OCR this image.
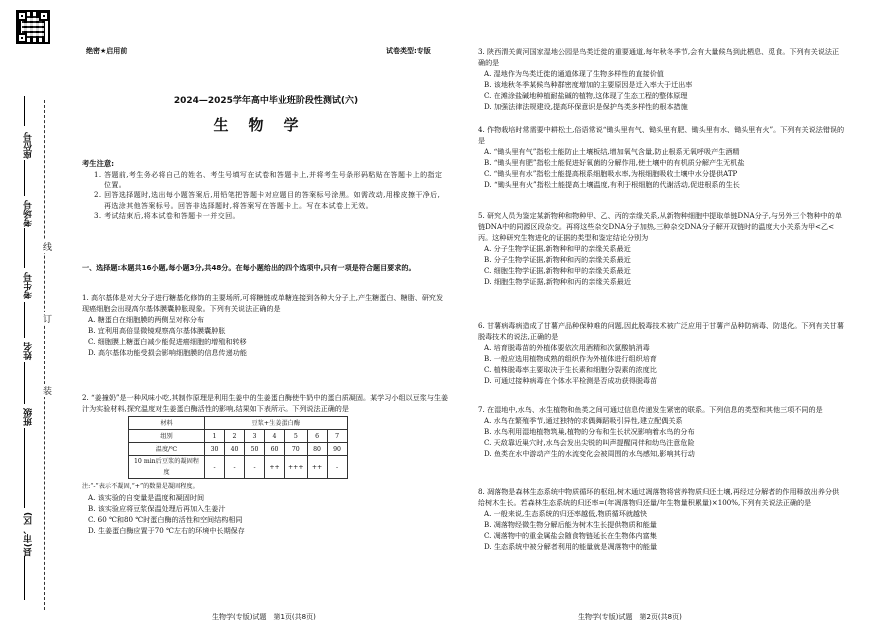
座位号
考场号
考生号
姓名
班级
县(市、区)
线
订
装
绝密★启用前	试卷类型:专版
2024—2025学年高中毕业班阶段性测试(六)
生物学
考生注意:

1. 答题前,考生务必将自己的姓名、考生号填写在试卷和答题卡上,并将考生号条形码粘贴在答题卡上的指定位置。

2. 回答选择题时,选出每小题答案后,用铅笔把答题卡对应题目的答案标号涂黑。如需改动,用橡皮擦干净后,再选涂其他答案标号。回答非选择题时,将答案写在答题卡上。写在本试卷上无效。

3. 考试结束后,将本试卷和答题卡一并交回。

一、选择题:本题共16小题,每小题3分,共48分。在每小题给出的四个选项中,只有一项是符合题目要求的。

1. 高尔基体是对大分子进行糖基化修饰的主要场所,可将糖链或单糖连接到各种大分子上,产生糖蛋白、糖脂、研究发现癌细胞会出现高尔基体膜囊肿胀现象。下列有关说法正确的是

A. 糖蛋白在细胞膜的两侧呈对称分布

B. 宜利用高倍显微镜观察高尔基体膜囊肿胀

C. 细胞膜上糖蛋白减少能促进癌细胞的增殖和转移

D. 高尔基体功能受损会影响细胞膜的信息传递功能

2. “姜撞奶”是一种风味小吃,其制作原理是利用生姜中的生姜蛋白酶使牛奶中的蛋白质凝固。某学习小组以豆浆与生姜汁为实验材料,探究温度对生姜蛋白酶活性的影响,结果如下表所示。下列说法正确的是

材料	豆浆+生姜蛋白酶						
组别	1	2	3	4	5	6	7
温度/℃	30	40	50	60	70	80	90
10 min后豆浆的凝固程度	-	-	-	++	+++	++	-

注:“-”表示不凝固,“+”的数量是凝固程度。

A. 该实验的自变量是温度和凝固时间

B. 该实验应将豆浆保温处理后再加入生姜汁

C. 60 ℃和80 ℃时蛋白酶的活性和空间结构相同

D. 生姜蛋白酶应置于70 ℃左右的环境中长期保存

生物学(专版)试题　第1页(共8页)

3. 陕西渭关黄河国家湿地公园是鸟类迁徙的重要通道,每年秋冬季节,会有大量候鸟到此栖息、觅食。下列有关说法正确的是

A. 湿地作为鸟类迁徙的通道体现了生物多样性的直接价值

B. 该地秋冬季某候鸟种群密度增加的主要原因是迁入率大于迁出率

C. 在滩涂盐碱地种植耐盐碱的植物,这体现了生态工程的整体原理

D. 加强法律法规建设,提高环保意识是保护鸟类多样性的根本措施

4. 作物栽培时常需要中耕松土,俗语常说“锄头里有气、锄头里有肥、锄头里有水、锄头里有火”。下列有关说法错误的是

A. “锄头里有气”指松土能防止土壤板结,增加氧气含量,防止根系无氧呼吸产生酒精

B. “锄头里有肥”指松土能促进好氧菌的分解作用,使土壤中的有机质分解产生无机盐

C. “锄头里有水”指松土能提高根系细胞吸水率,为根细胞吸收土壤中水分提供ATP

D. “锄头里有火”指松土能提高土壤温度,有利于根细胞的代谢活动,促进根系的生长

5. 研究人员为鉴定某新物种和物种甲、乙、丙的亲缘关系,从新物种细胞中提取单链DNA分子,与另外三个物种中的单链DNA中的同源区段杂交。再将这些杂交DNA分子加热,三种杂交DNA分子解开双链时的温度大小关系为甲<乙<丙。这种研究生物进化的证据的类型和鉴定结论分别为

A. 分子生物学证据,新物种和甲的亲缘关系最近

B. 分子生物学证据,新物种和丙的亲缘关系最近

C. 细胞生物学证据,新物种和甲的亲缘关系最近

D. 细胞生物学证据,新物种和丙的亲缘关系最近

6. 甘薯病毒病造成了甘薯产品种保种难的问题,因此脱毒技术被广泛应用于甘薯产品种防病毒、防退化。下列有关甘薯脱毒技术的说法,正确的是

A. 培育脱毒苗的外植体要依次用酒精和次氯酸钠消毒

B. 一般应选用植物成熟的组织作为外植体进行组织培育

C. 植株脱毒率主要取决于生长素和细胞分裂素的浓度比

D. 可通过接种病毒在个体水平检测是否成功获得脱毒苗

7. 在湿地中,水鸟、水生植物和鱼类之间可通过信息传递发生紧密的联系。下列信息的类型和其他三项不同的是

A. 水鸟在繁殖季节,通过独特的求偶舞蹈吸引异性,建立配偶关系

B. 水鸟利用湿地植物筑巢,植物的分布和生长状况影响着水鸟的分布

C. 天敌靠近巢穴时,水鸟会发出尖锐的叫声提醒同伴和幼鸟注意危险

D. 鱼类在水中游动产生的水流变化会被周围的水鸟感知,影响其行动

8. 凋落物是森林生态系统中物质循环的枢纽,树木通过凋落物将营养物质归还土壤,再经过分解者的作用释放出养分供给树木生长。若森林生态系统的归还率=(年凋落物归还量/年生物量积累量)×100%,下列有关说法正确的是

A. 一般来说,生态系统的归还率越低,物质循环就越快

B. 凋落物经微生物分解后能为树木生长提供物质和能量

C. 凋落物中的重金属盐会随食物链延长在生物体内富集

D. 生态系统中被分解者利用的能量就是凋落物中的能量

生物学(专版)试题　第2页(共8页)
